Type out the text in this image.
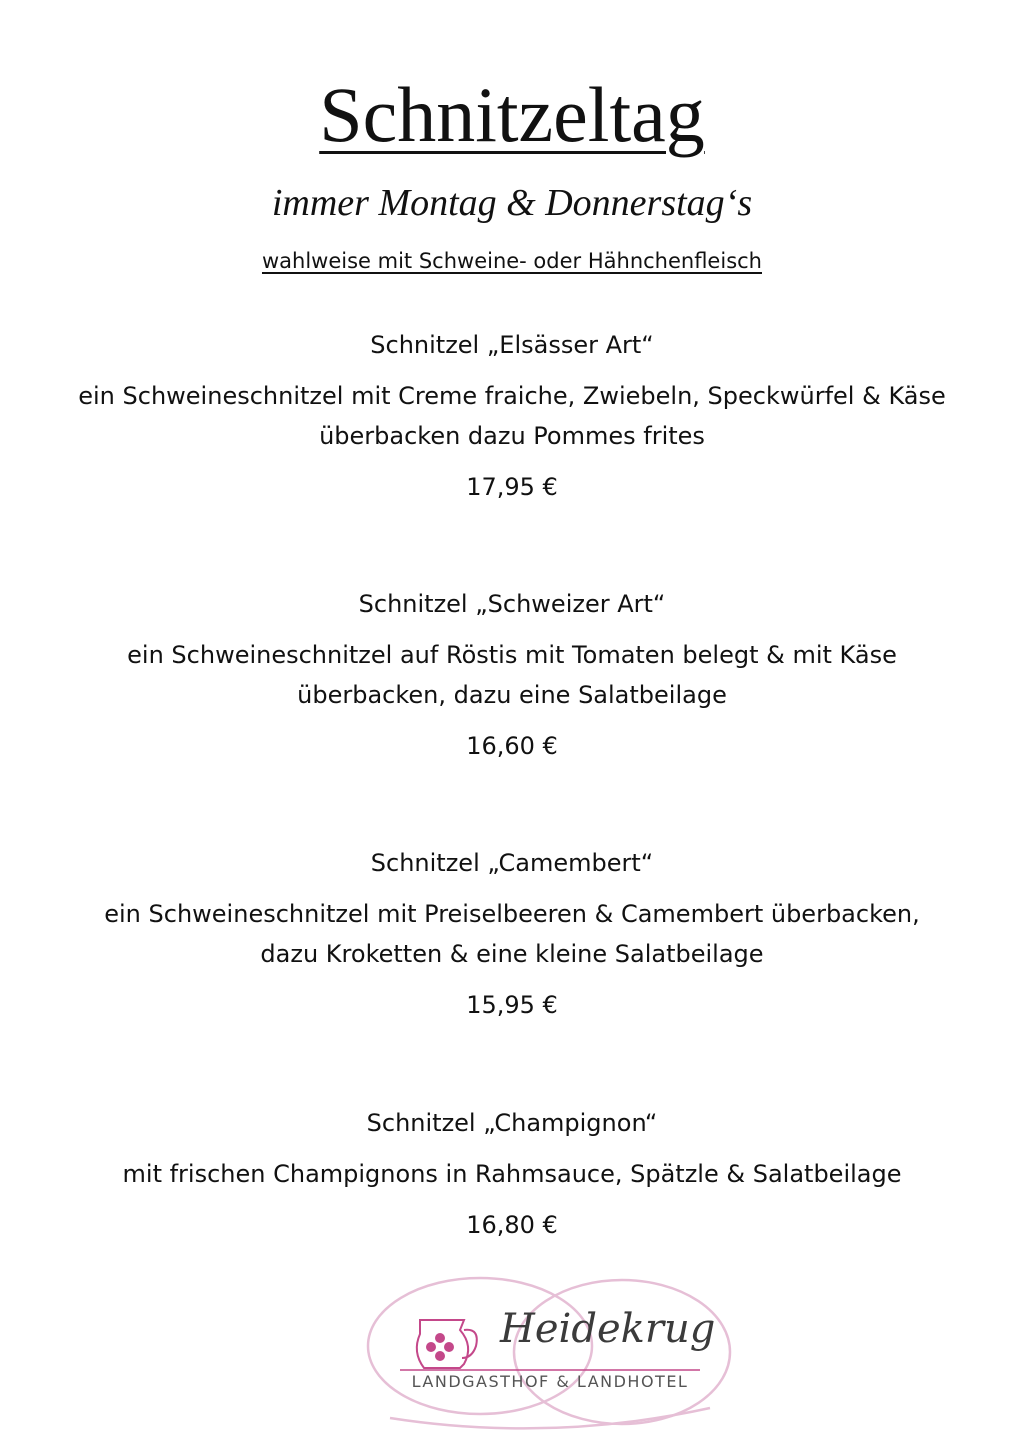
Schnitzeltag
immer Montag & Donnerstag‘s
wahlweise mit Schweine- oder Hähnchenfleisch

Schnitzel „Elsässer Art“

ein Schweineschnitzel mit Creme fraiche, Zwiebeln, Speckwürfel & Käse
überbacken dazu Pommes frites

17,95 €

Schnitzel „Schweizer Art“

ein Schweineschnitzel auf Röstis mit Tomaten belegt & mit Käse
überbacken, dazu eine Salatbeilage

16,60 €

Schnitzel „Camembert“

ein Schweineschnitzel mit Preiselbeeren & Camembert überbacken,
dazu Kroketten & eine kleine Salatbeilage

15,95 €

Schnitzel „Champignon“

mit frischen Champignons in Rahmsauce, Spätzle & Salatbeilage

16,80 €

Heidekrug
LANDGASTHOF & LANDHOTEL
